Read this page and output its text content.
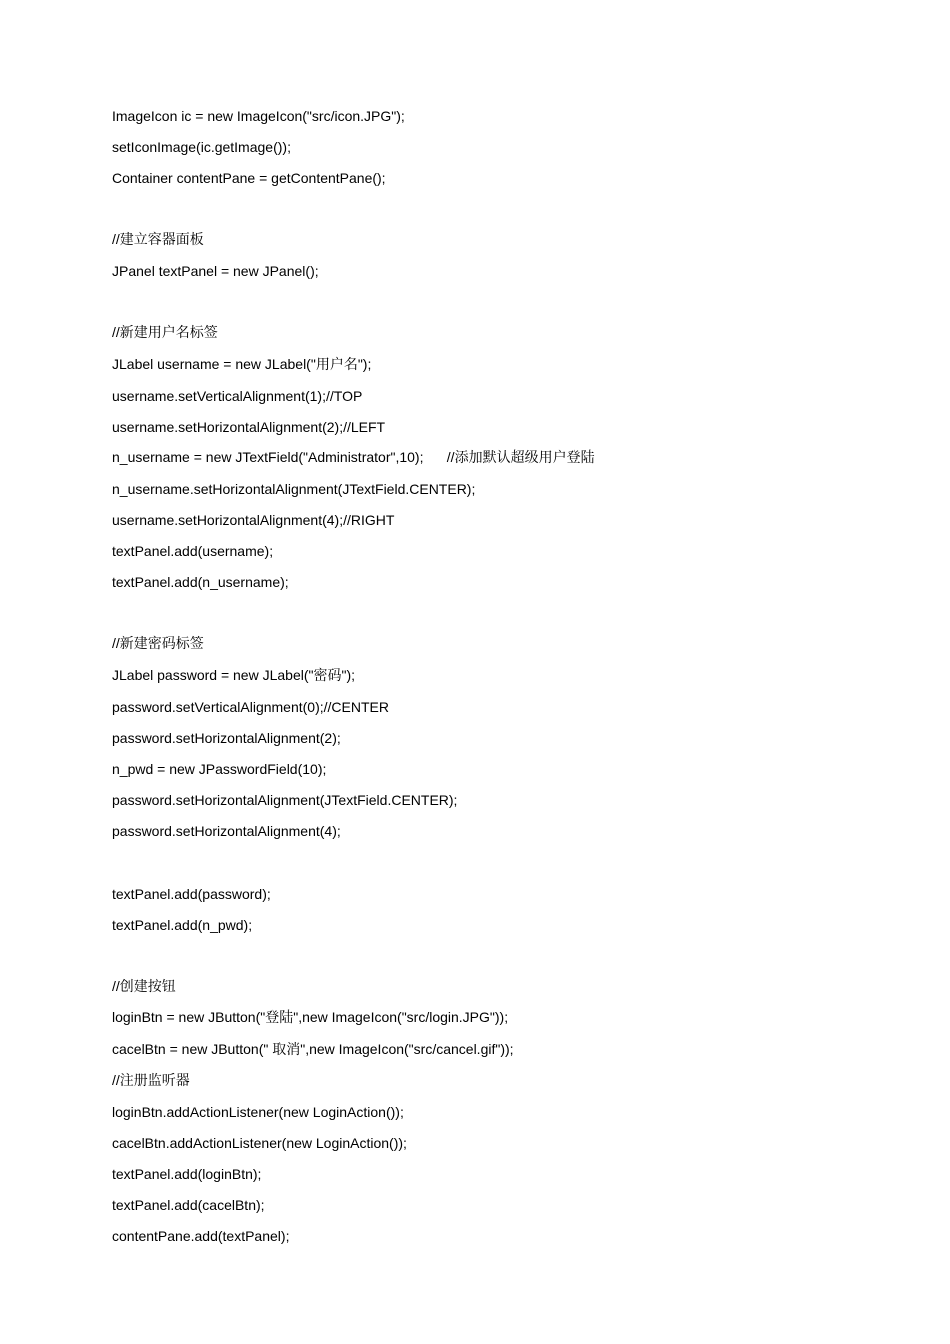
ImageIcon ic = new ImageIcon("src/icon.JPG");
setIconImage(ic.getImage());
Container contentPane = getContentPane();
//建立容器面板
JPanel textPanel = new JPanel();
//新建用户名标签
JLabel username = new JLabel("用户名");
username.setVerticalAlignment(1);//TOP
username.setHorizontalAlignment(2);//LEFT
n_username = new JTextField("Administrator",10);      //添加默认超级用户登陆
n_username.setHorizontalAlignment(JTextField.CENTER);
username.setHorizontalAlignment(4);//RIGHT
textPanel.add(username);
textPanel.add(n_username);
//新建密码标签
JLabel password = new JLabel("密码");
password.setVerticalAlignment(0);//CENTER
password.setHorizontalAlignment(2);
n_pwd = new JPasswordField(10);
password.setHorizontalAlignment(JTextField.CENTER);
password.setHorizontalAlignment(4);
textPanel.add(password);
textPanel.add(n_pwd);
//创建按钮
loginBtn = new JButton("登陆",new ImageIcon("src/login.JPG"));
cacelBtn = new JButton(" 取消",new ImageIcon("src/cancel.gif"));
//注册监听器
loginBtn.addActionListener(new LoginAction());
cacelBtn.addActionListener(new LoginAction());
textPanel.add(loginBtn);
textPanel.add(cacelBtn);
contentPane.add(textPanel);
